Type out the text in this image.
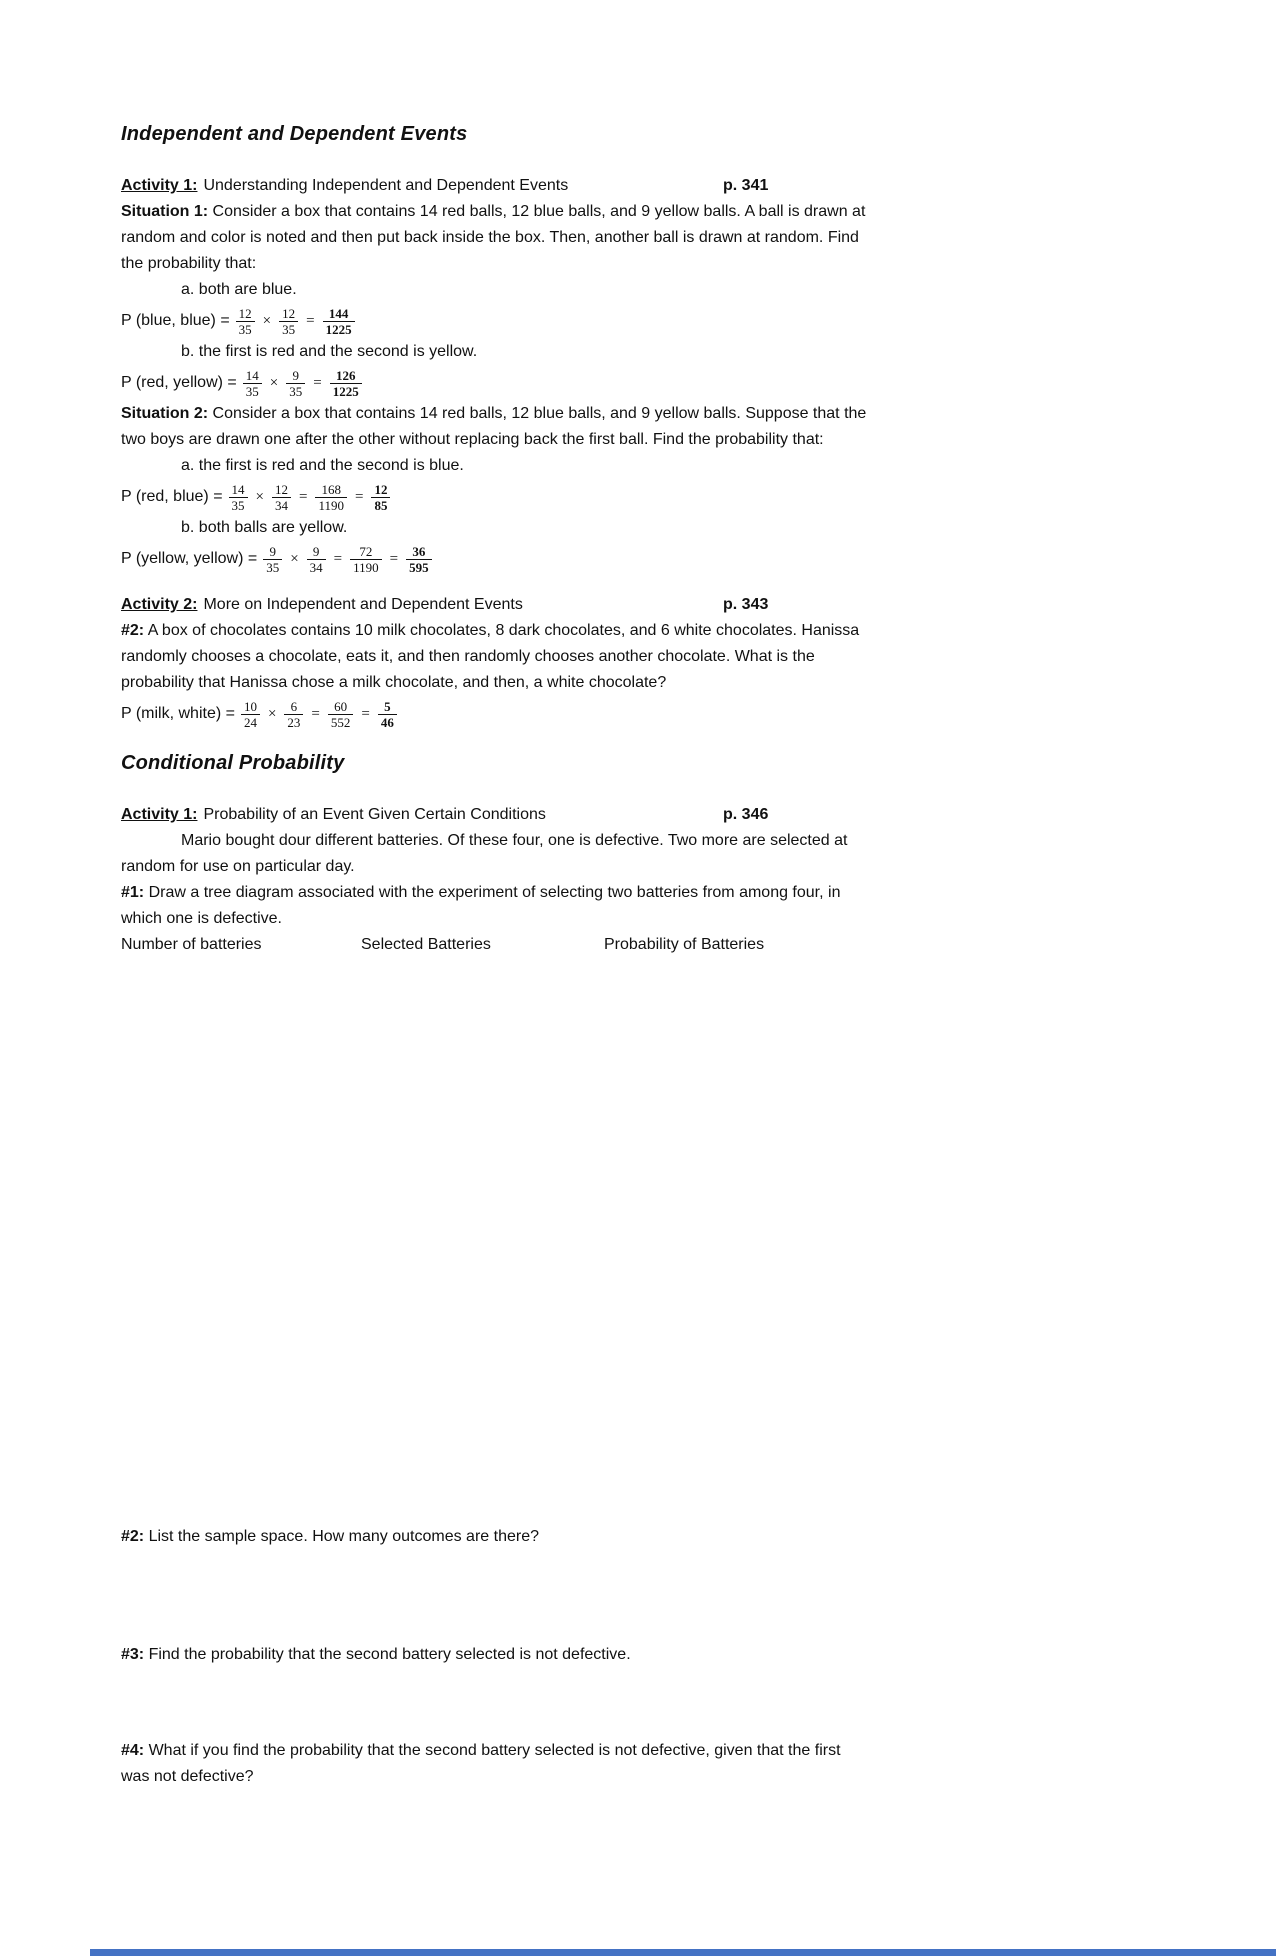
Independent and Dependent Events
Activity 1: Understanding Independent and Dependent Events	p. 341
Situation 1: Consider a box that contains 14 red balls, 12 blue balls, and 9 yellow balls. A ball is drawn at
random and color is noted and then put back inside the box. Then, another ball is drawn at random. Find
the probability that:
a. both are blue.
P (blue, blue) = $\frac{12}{35} \times \frac{12}{35} = \frac{144}{1225}$
b. the first is red and the second is yellow.
P (red, yellow) = $\frac{14}{35} \times \frac{9}{35} = \frac{126}{1225}$
Situation 2: Consider a box that contains 14 red balls, 12 blue balls, and 9 yellow balls. Suppose that the
two boys are drawn one after the other without replacing back the first ball. Find the probability that:
a. the first is red and the second is blue.
P (red, blue) = $\frac{14}{35} \times \frac{12}{34} = \frac{168}{1190} = \frac{12}{85}$
b. both balls are yellow.
P (yellow, yellow) = $\frac{9}{35} \times \frac{9}{34} = \frac{72}{1190} = \frac{36}{595}$
Activity 2: More on Independent and Dependent Events	p. 343
#2: A box of chocolates contains 10 milk chocolates, 8 dark chocolates, and 6 white chocolates. Hanissa
randomly chooses a chocolate, eats it, and then randomly chooses another chocolate. What is the
probability that Hanissa chose a milk chocolate, and then, a white chocolate?
P (milk, white) = $\frac{10}{24} \times \frac{6}{23} = \frac{60}{552} = \frac{5}{46}$
Conditional Probability
Activity 1: Probability of an Event Given Certain Conditions	p. 346
Mario bought dour different batteries. Of these four, one is defective. Two more are selected at
random for use on particular day.
#1: Draw a tree diagram associated with the experiment of selecting two batteries from among four, in
which one is defective.
Number of batteries	Selected Batteries	Probability of Batteries
#2: List the sample space. How many outcomes are there?
#3: Find the probability that the second battery selected is not defective.
#4: What if you find the probability that the second battery selected is not defective, given that the first
was not defective?
